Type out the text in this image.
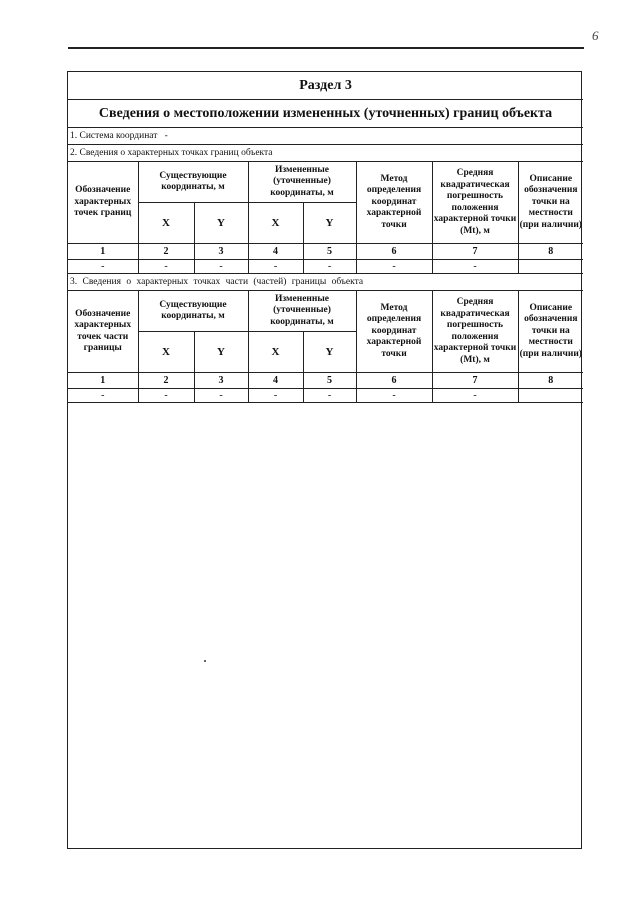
6
Раздел 3							
Сведения о местоположении измененных (уточненных) границ объекта							
1. Система координат -							
2. Сведения о характерных точках границ объекта							
Обозначение характерных точек границ	Существующие координаты, м		Измененные (уточненные) координаты, м		Метод определения координат характерной точки	Средняя квадратическая погрешность положения характерной точки (Mt), м	Описание обозначения точки на местности (при наличии)
	X	Y	X	Y			
1	2	3	4	5	6	7	8
-	-	-	-	-	-	-	
3. Сведения о характерных точках части (частей) границы объекта							
Обозначение характерных точек части границы	Существующие координаты, м		Измененные (уточненные) координаты, м		Метод определения координат характерной точки	Средняя квадратическая погрешность положения характерной точки (Mt), м	Описание обозначения точки на местности (при наличии)
	X	Y	X	Y			
1	2	3	4	5	6	7	8
-	-	-	-	-	-	-	
